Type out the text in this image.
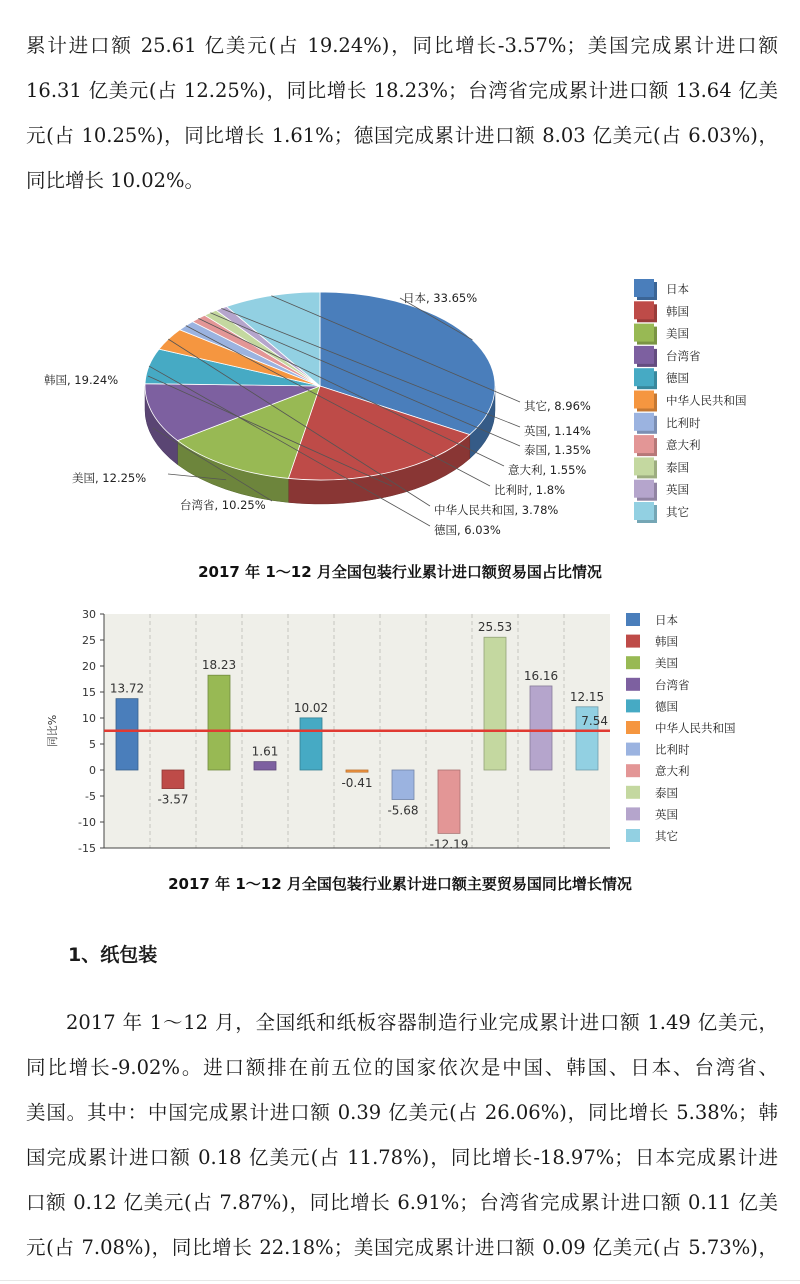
累计进口额 25.61 亿美元(占 19.24%)，同比增长-3.57%；美国完成累计进口额
16.31 亿美元(占 12.25%)，同比增长 18.23%；台湾省完成累计进口额 13.64 亿美
元(占 10.25%)，同比增长 1.61%；德国完成累计进口额 8.03 亿美元(占 6.03%)，
同比增长 10.02%。
日本, 33.65%
韩国, 19.24%
美国, 12.25%
台湾省, 10.25%
德国, 6.03%
中华人民共和国, 3.78%
比利时, 1.8%
意大利, 1.55%
泰国, 1.35%
英国, 1.14%
其它, 8.96%
日本
韩国
美国
台湾省
德国
中华人民共和国
比利时
意大利
泰国
英国
其它
2017 年 1～12 月全国包装行业累计进口额贸易国占比情况
30
25
20
15
10
5
0
-5
-10
-15
同比%
13.72
-3.57
18.23
1.61
10.02
-0.41
-5.68
-12.19
25.53
16.16
12.15
7.54
日本
韩国
美国
台湾省
德国
中华人民共和国
比利时
意大利
泰国
英国
其它
2017 年 1～12 月全国包装行业累计进口额主要贸易国同比增长情况
1、纸包装
2017 年 1～12 月，全国纸和纸板容器制造行业完成累计进口额 1.49 亿美元，
同比增长-9.02%。进口额排在前五位的国家依次是中国、韩国、日本、台湾省、
美国。其中：中国完成累计进口额 0.39 亿美元(占 26.06%)，同比增长 5.38%；韩
国完成累计进口额 0.18 亿美元(占 11.78%)，同比增长-18.97%；日本完成累计进
口额 0.12 亿美元(占 7.87%)，同比增长 6.91%；台湾省完成累计进口额 0.11 亿美
元(占 7.08%)，同比增长 22.18%；美国完成累计进口额 0.09 亿美元(占 5.73%)，
